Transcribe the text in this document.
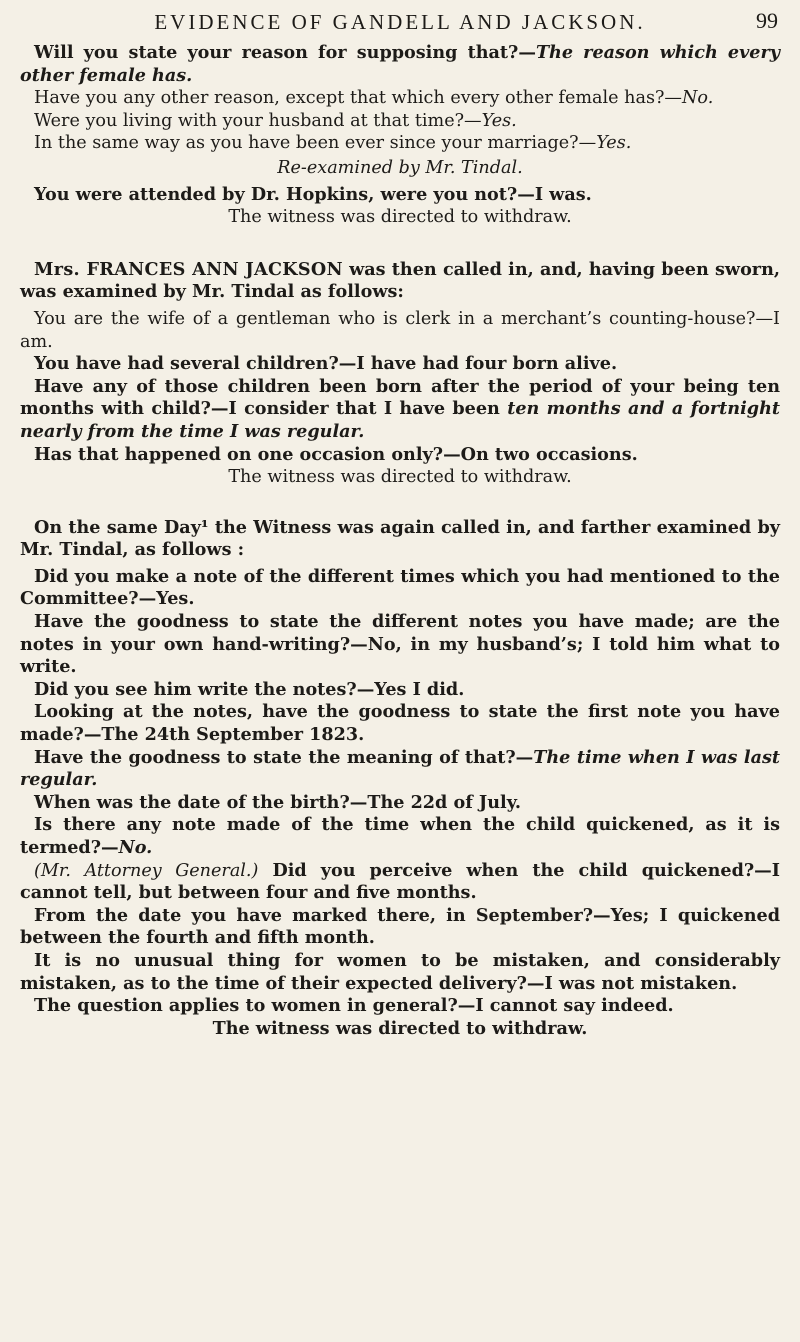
EVIDENCE OF GANDELL AND JACKSON.	99

Will you state your reason for supposing that?—The reason which every other female has.

Have you any other reason, except that which every other female has?—No.

Were you living with your husband at that time?—Yes.

In the same way as you have been ever since your marriage?—Yes.

Re-examined by Mr. Tindal.

You were attended by Dr. Hopkins, were you not?—I was.

The witness was directed to withdraw.

Mrs. FRANCES ANN JACKSON was then called in, and, having been sworn, was examined by Mr. Tindal as follows:

You are the wife of a gentleman who is clerk in a merchant’s counting-house?—I am.

You have had several children?—I have had four born alive.

Have any of those children been born after the period of your being ten months with child?—I consider that I have been ten months and a fortnight nearly from the time I was regular.

Has that happened on one occasion only?—On two occasions.

The witness was directed to withdraw.

On the same Day¹ the Witness was again called in, and farther examined by Mr. Tindal, as follows :

Did you make a note of the different times which you had mentioned to the Committee?—Yes.

Have the goodness to state the different notes you have made; are the notes in your own hand-writing?—No, in my husband’s; I told him what to write.

Did you see him write the notes?—Yes I did.

Looking at the notes, have the goodness to state the first note you have made?—The 24th September 1823.

Have the goodness to state the meaning of that?—The time when I was last regular.

When was the date of the birth?—The 22d of July.

Is there any note made of the time when the child quickened, as it is termed?—No.

(Mr. Attorney General.) Did you perceive when the child quickened?—I cannot tell, but between four and five months.

From the date you have marked there, in September?—Yes; I quickened between the fourth and fifth month.

It is no unusual thing for women to be mistaken, and considerably mistaken, as to the time of their expected delivery?—I was not mistaken.

The question applies to women in general?—I cannot say indeed.

The witness was directed to withdraw.
